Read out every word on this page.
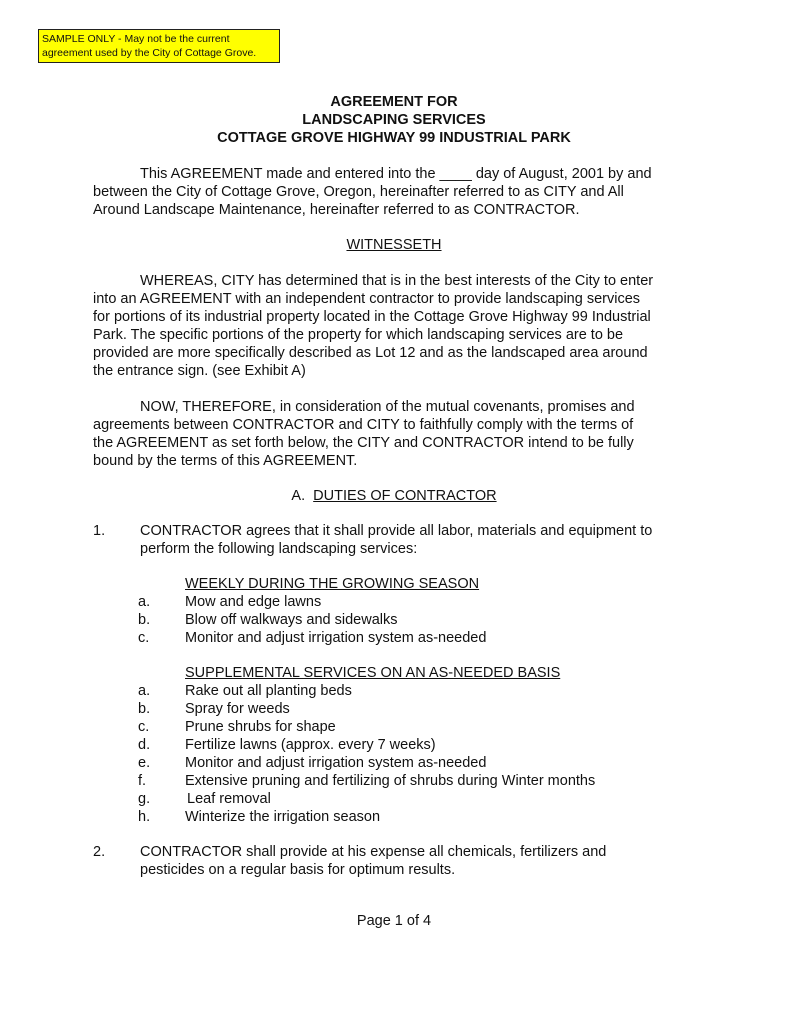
SAMPLE ONLY - May not be the current
agreement used by the City of Cottage Grove.
AGREEMENT FOR
LANDSCAPING SERVICES
COTTAGE GROVE HIGHWAY 99 INDUSTRIAL PARK
This AGREEMENT made and entered into the ____ day of August, 2001 by and
between the City of Cottage Grove, Oregon, hereinafter referred to as CITY and All
Around Landscape Maintenance, hereinafter referred to as CONTRACTOR.
WITNESSETH
WHEREAS, CITY has determined that is in the best interests of the City to enter
into an AGREEMENT with an independent contractor to provide landscaping services
for portions of its industrial property located in the Cottage Grove Highway 99 Industrial
Park. The specific portions of the property for which landscaping services are to be
provided are more specifically described as Lot 12 and as the landscaped area around
the entrance sign. (see Exhibit A)
NOW, THEREFORE, in consideration of the mutual covenants, promises and
agreements between CONTRACTOR and CITY to faithfully comply with the terms of
the AGREEMENT as set forth below, the CITY and CONTRACTOR intend to be fully
bound by the terms of this AGREEMENT.
A. DUTIES OF CONTRACTOR
1. CONTRACTOR agrees that it shall provide all labor, materials and equipment to
perform the following landscaping services:
WEEKLY DURING THE GROWING SEASON
a. Mow and edge lawns
b. Blow off walkways and sidewalks
c. Monitor and adjust irrigation system as-needed
SUPPLEMENTAL SERVICES ON AN AS-NEEDED BASIS
a. Rake out all planting beds
b. Spray for weeds
c. Prune shrubs for shape
d. Fertilize lawns (approx. every 7 weeks)
e. Monitor and adjust irrigation system as-needed
f.	Extensive pruning and fertilizing of shrubs during Winter months
g.	Leaf removal
h. Winterize the irrigation season
2. CONTRACTOR shall provide at his expense all chemicals, fertilizers and
pesticides on a regular basis for optimum results.
Page 1 of 4
